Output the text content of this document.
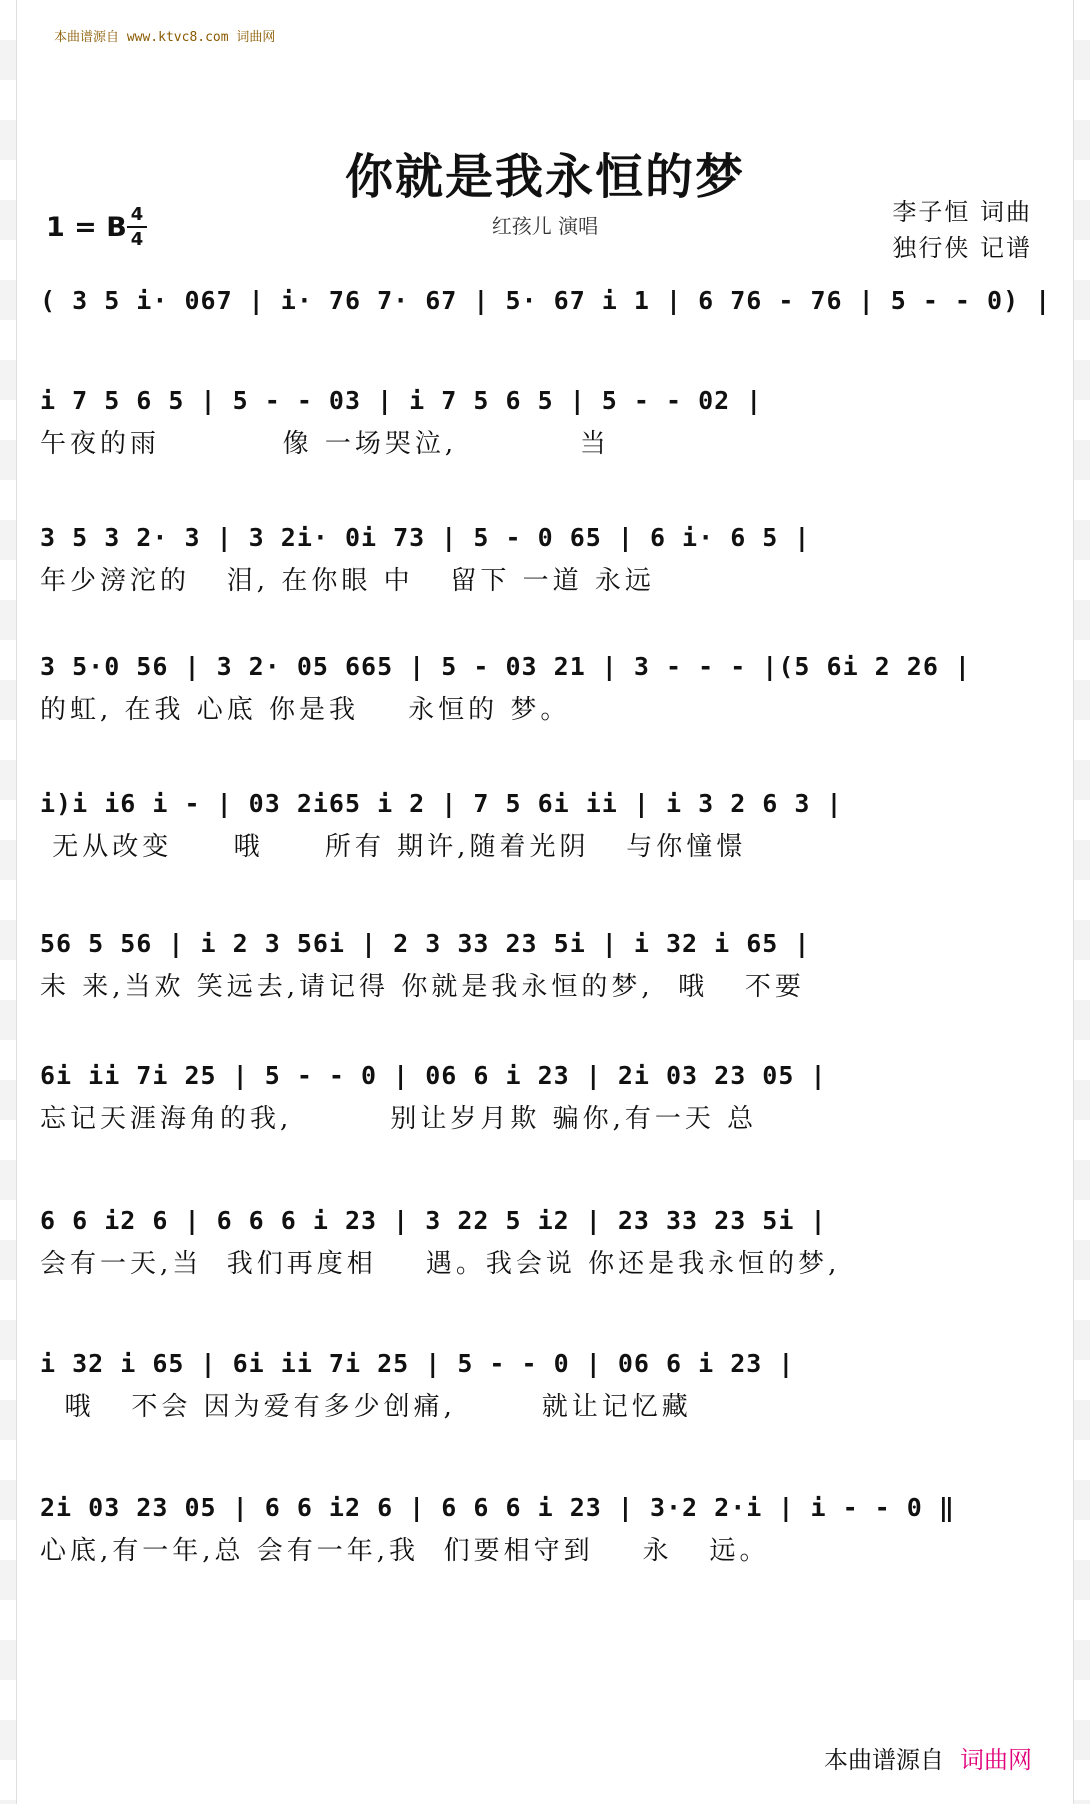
本曲谱源自 www.ktvc8.com 词曲网
你就是我永恒的梦
红孩儿 演唱
1 = B 4
4
李子恒 词曲
独行侠 记谱
( 3 5 i· 067 | i· 76 7· 67 | 5· 67 i 1 | 6 76 - 76 | 5 - - 0) |
i 7 5 6 5 | 5 - - 03 | i 7 5 6 5 | 5 - - 02 |
午夜的雨          像 一场哭泣,          当
3 5 3 2· 3 | 3 2i· 0i 73 | 5 - 0 65 | 6 i· 6 5 |
年少滂沱的   泪, 在你眼 中   留下 一道 永远
3 5·0 56 | 3 2· 05 665 | 5 - 03 21 | 3 - - - |(5 6i 2 26 |
的虹, 在我 心底 你是我    永恒的 梦。
i)i i6 i - | 03 2i65 i 2 | 7 5 6i ii | i 3 2 6 3 |
无从改变     哦     所有 期许,随着光阴   与你憧憬
56 5 56 | i 2 3 56i | 2 3 33 23 5i | i 32 i 65 |
未 来,当欢 笑远去,请记得 你就是我永恒的梦,  哦   不要
6i ii 7i 25 | 5 - - 0 | 06 6 i 23 | 2i 03 23 05 |
忘记天涯海角的我,        别让岁月欺 骗你,有一天 总
6 6 i2 6 | 6 6 6 i 23 | 3 22 5 i2 | 23 33 23 5i |
会有一天,当  我们再度相    遇。我会说 你还是我永恒的梦,
i 32 i 65 | 6i ii 7i 25 | 5 - - 0 | 06 6 i 23 |
哦   不会 因为爱有多少创痛,       就让记忆藏
2i 03 23 05 | 6 6 i2 6 | 6 6 6 i 23 | 3·2 2·i | i - - 0 ‖
心底,有一年,总 会有一年,我  们要相守到    永   远。
本曲谱源自 词曲网
